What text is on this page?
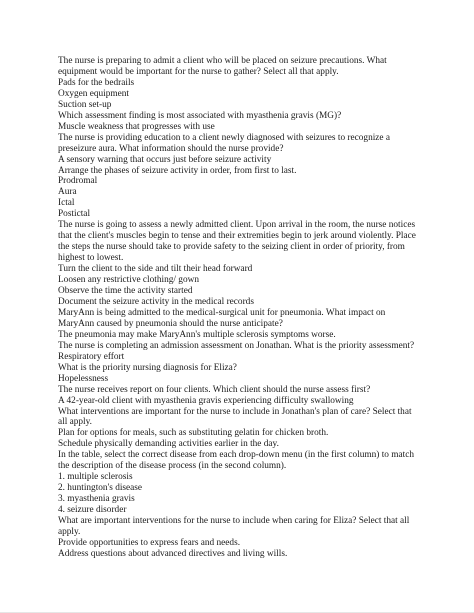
The nurse is preparing to admit a client who will be placed on seizure precautions. What

equipment would be important for the nurse to gather? Select all that apply.

Pads for the bedrails

Oxygen equipment

Suction set-up

Which assessment finding is most associated with myasthenia gravis (MG)?

Muscle weakness that progresses with use

The nurse is providing education to a client newly diagnosed with seizures to recognize a

preseizure aura. What information should the nurse provide?

A sensory warning that occurs just before seizure activity

Arrange the phases of seizure activity in order, from first to last.

Prodromal

Aura

Ictal

Postictal

The nurse is going to assess a newly admitted client. Upon arrival in the room, the nurse notices

that the client's muscles begin to tense and their extremities begin to jerk around violently. Place

the steps the nurse should take to provide safety to the seizing client in order of priority, from

highest to lowest.

Turn the client to the side and tilt their head forward

Loosen any restrictive clothing/ gown

Observe the time the activity started

Document the seizure activity in the medical records

MaryAnn is being admitted to the medical-surgical unit for pneumonia. What impact on

MaryAnn caused by pneumonia should the nurse anticipate?

The pneumonia may make MaryAnn's multiple sclerosis symptoms worse.

The nurse is completing an admission assessment on Jonathan. What is the priority assessment?

Respiratory effort

What is the priority nursing diagnosis for Eliza?

Hopelessness

The nurse receives report on four clients. Which client should the nurse assess first?

A 42-year-old client with myasthenia gravis experiencing difficulty swallowing

What interventions are important for the nurse to include in Jonathan's plan of care? Select that

all apply.

Plan for options for meals, such as substituting gelatin for chicken broth.

Schedule physically demanding activities earlier in the day.

In the table, select the correct disease from each drop-down menu (in the first column) to match

the description of the disease process (in the second column).

1. multiple sclerosis

2. huntington's disease

3. myasthenia gravis

4. seizure disorder

What are important interventions for the nurse to include when caring for Eliza? Select that all

apply.

Provide opportunities to express fears and needs.

Address questions about advanced directives and living wills.
